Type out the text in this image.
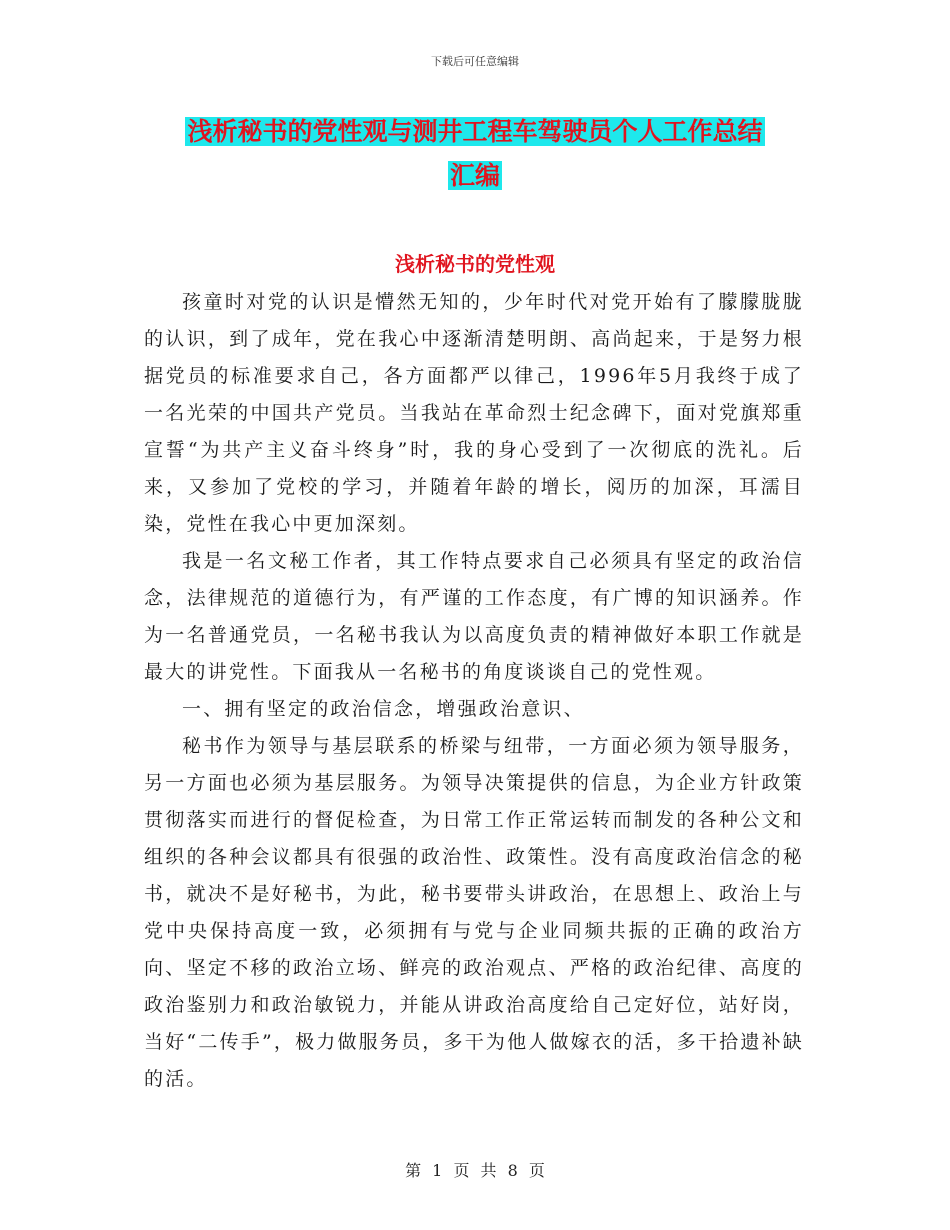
下载后可任意编辑
浅析秘书的党性观与测井工程车驾驶员个人工作总结
汇编
浅析秘书的党性观

孩童时对党的认识是懵然无知的，少年时代对党开始有了朦朦胧胧的认识，到了成年，党在我心中逐渐清楚明朗、高尚起来，于是努力根据党员的标准要求自己，各方面都严以律己，1996年5月我终于成了一名光荣的中国共产党员。当我站在革命烈士纪念碑下，面对党旗郑重宣誓“为共产主义奋斗终身”时，我的身心受到了一次彻底的洗礼。后来，又参加了党校的学习，并随着年龄的增长，阅历的加深，耳濡目染，党性在我心中更加深刻。

我是一名文秘工作者，其工作特点要求自己必须具有坚定的政治信念，法律规范的道德行为，有严谨的工作态度，有广博的知识涵养。作为一名普通党员，一名秘书我认为以高度负责的精神做好本职工作就是最大的讲党性。下面我从一名秘书的角度谈谈自己的党性观。

一、拥有坚定的政治信念，增强政治意识、

秘书作为领导与基层联系的桥梁与纽带，一方面必须为领导服务，另一方面也必须为基层服务。为领导决策提供的信息，为企业方针政策贯彻落实而进行的督促检查，为日常工作正常运转而制发的各种公文和组织的各种会议都具有很强的政治性、政策性。没有高度政治信念的秘书，就决不是好秘书，为此，秘书要带头讲政治，在思想上、政治上与党中央保持高度一致，必须拥有与党与企业同频共振的正确的政治方向、坚定不移的政治立场、鲜亮的政治观点、严格的政治纪律、高度的政治鉴别力和政治敏锐力，并能从讲政治高度给自己定好位，站好岗，当好“二传手”，极力做服务员，多干为他人做嫁衣的活，多干拾遗补缺的活。

第 1 页 共 8 页
